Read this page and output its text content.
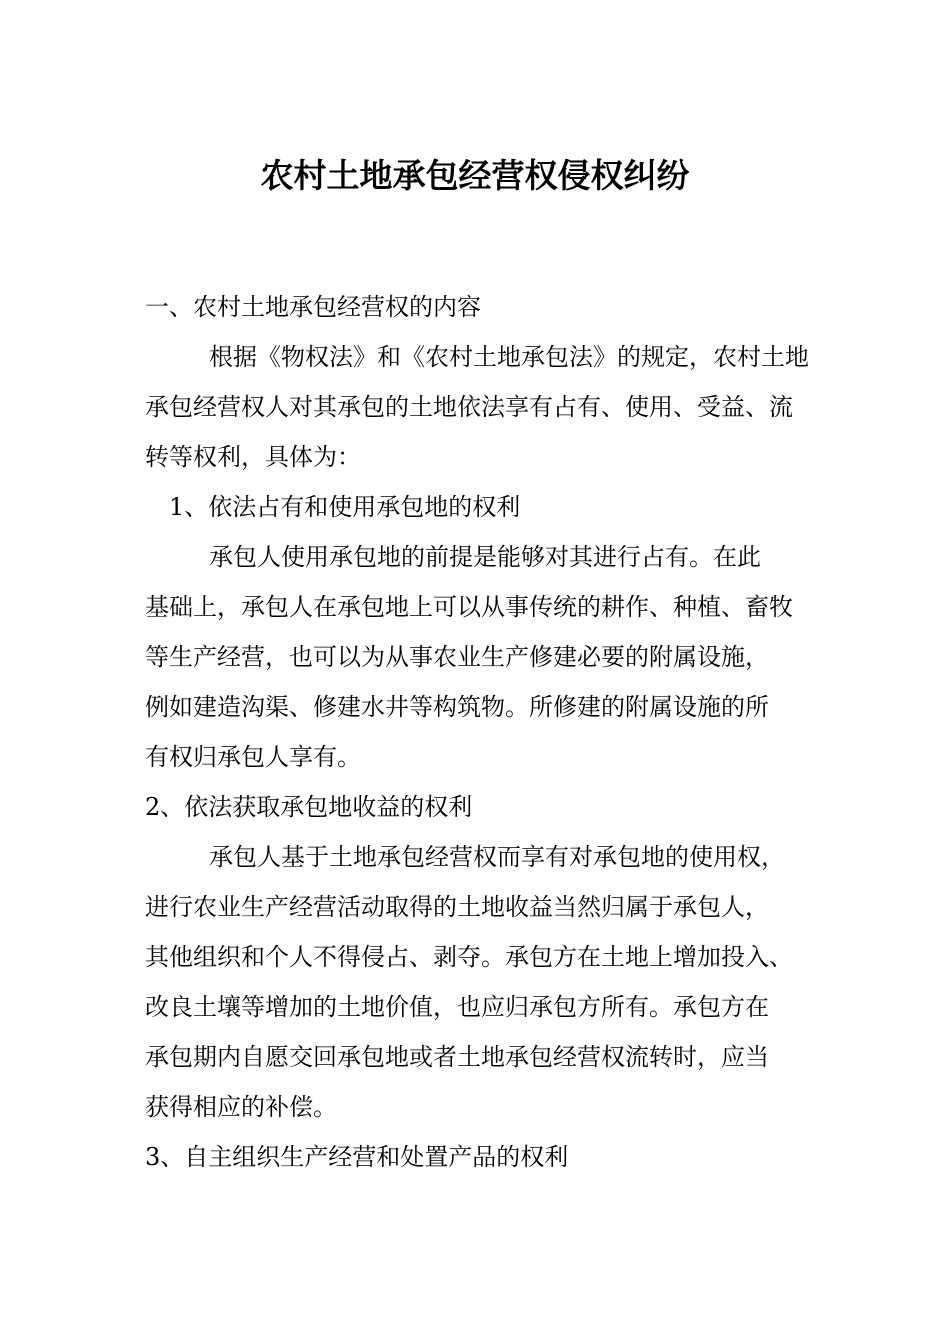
农村土地承包经营权侵权纠纷
一、农村土地承包经营权的内容
根据《物权法》和《农村土地承包法》的规定，农村土地
承包经营权人对其承包的土地依法享有占有、使用、受益、流
转等权利，具体为：
1、依法占有和使用承包地的权利
承包人使用承包地的前提是能够对其进行占有。在此
基础上，承包人在承包地上可以从事传统的耕作、种植、畜牧
等生产经营，也可以为从事农业生产修建必要的附属设施，
例如建造沟渠、修建水井等构筑物。所修建的附属设施的所
有权归承包人享有。
2、依法获取承包地收益的权利
承包人基于土地承包经营权而享有对承包地的使用权，
进行农业生产经营活动取得的土地收益当然归属于承包人，
其他组织和个人不得侵占、剥夺。承包方在土地上增加投入、
改良土壤等增加的土地价值，也应归承包方所有。承包方在
承包期内自愿交回承包地或者土地承包经营权流转时，应当
获得相应的补偿。
3、自主组织生产经营和处置产品的权利
